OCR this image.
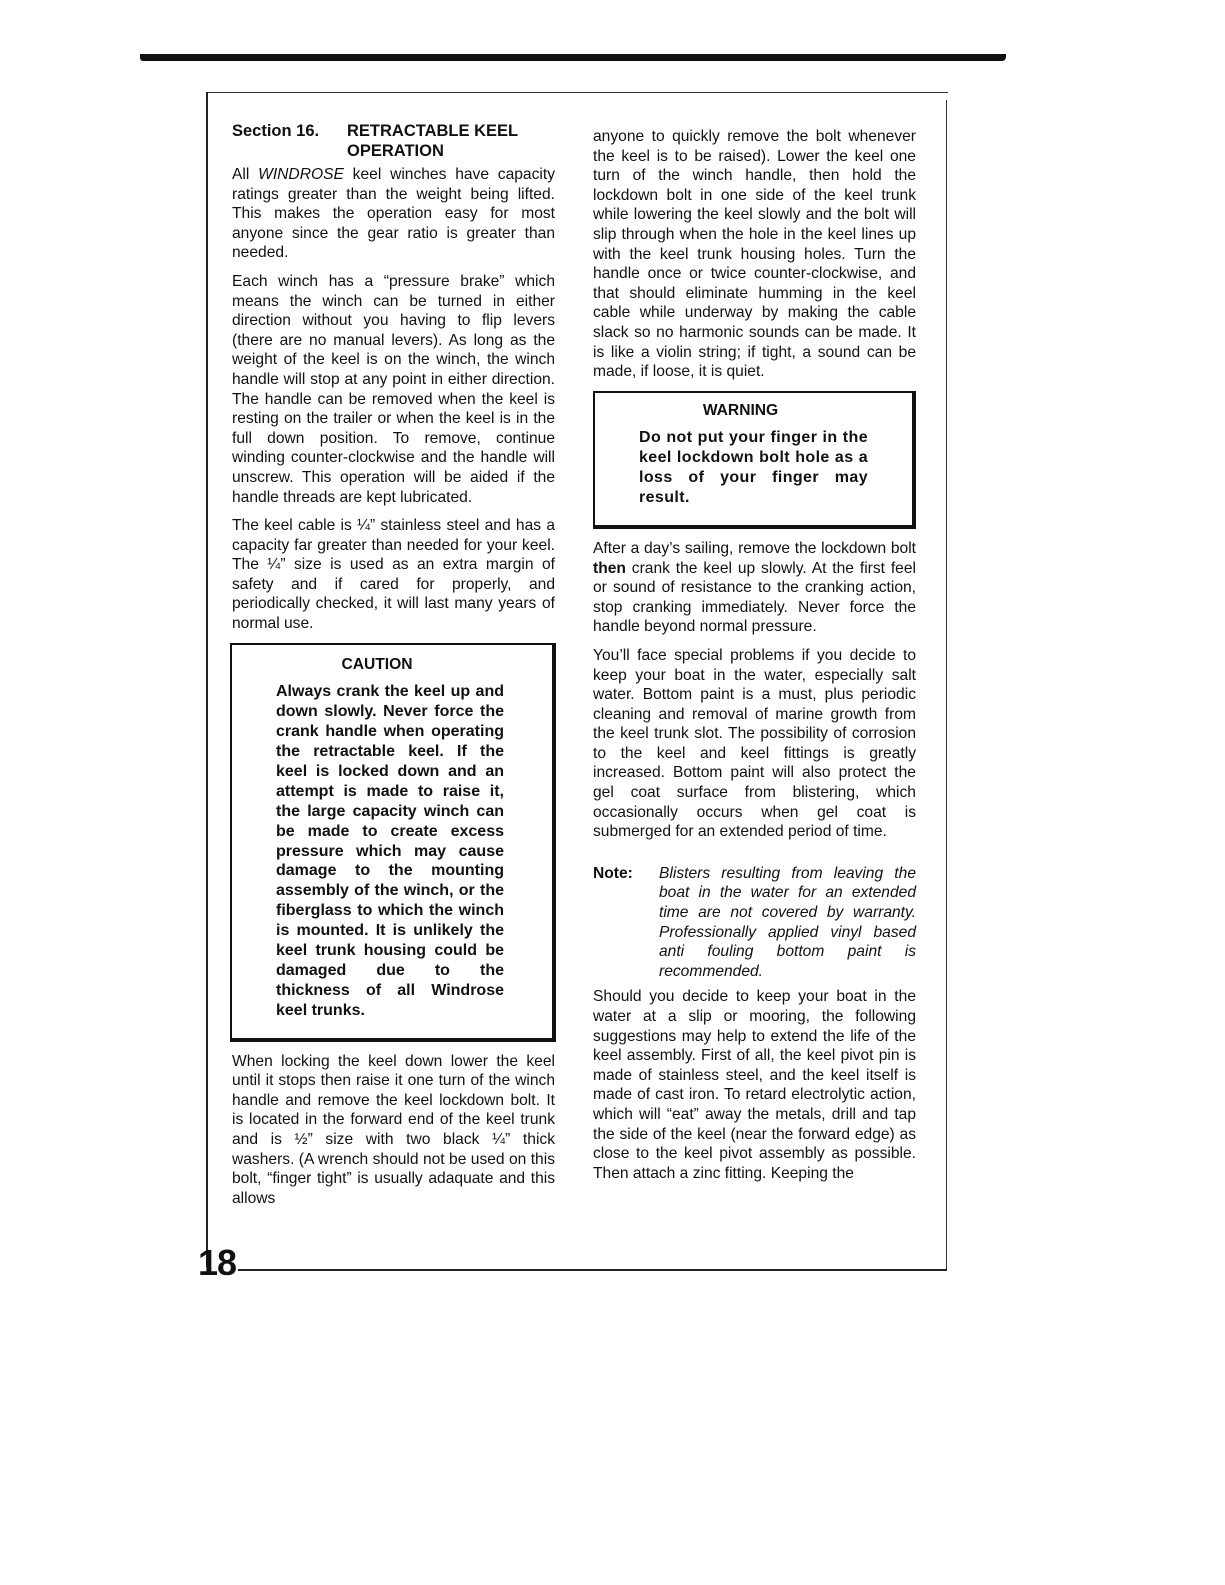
Section 16.	RETRACTABLE KEEL
OPERATION

All WINDROSE keel winches have capacity ratings greater than the weight being lifted. This makes the operation easy for most anyone since the gear ratio is greater than needed.

Each winch has a “pressure brake” which means the winch can be turned in either direction without you having to flip levers (there are no manual levers). As long as the weight of the keel is on the winch, the winch handle will stop at any point in either direction. The handle can be removed when the keel is resting on the trailer or when the keel is in the full down position. To remove, continue winding counter-clockwise and the handle will unscrew. This operation will be aided if the handle threads are kept lubricated.

The keel cable is ¼” stainless steel and has a capacity far greater than needed for your keel. The ¼” size is used as an extra margin of safety and if cared for properly, and periodically checked, it will last many years of normal use.

CAUTION

Always crank the keel up and down slowly. Never force the crank handle when operating the retractable keel. If the keel is locked down and an attempt is made to raise it, the large capacity winch can be made to create excess pressure which may cause damage to the mounting assembly of the winch, or the fiberglass to which the winch is mounted. It is unlikely the keel trunk housing could be damaged due to the thickness of all Windrose keel trunks.

When locking the keel down lower the keel until it stops then raise it one turn of the winch handle and remove the keel lockdown bolt. It is located in the forward end of the keel trunk and is ½” size with two black ¼” thick washers. (A wrench should not be used on this bolt, “finger tight” is usually adaquate and this allows

anyone to quickly remove the bolt whenever the keel is to be raised). Lower the keel one turn of the winch handle, then hold the lockdown bolt in one side of the keel trunk while lowering the keel slowly and the bolt will slip through when the hole in the keel lines up with the keel trunk housing holes. Turn the handle once or twice counter-clockwise, and that should eliminate humming in the keel cable while underway by making the cable slack so no harmonic sounds can be made. It is like a violin string; if tight, a sound can be made, if loose, it is quiet.

WARNING

Do not put your finger in the keel lockdown bolt hole as a loss of your finger may result.

After a day’s sailing, remove the lockdown bolt then crank the keel up slowly. At the first feel or sound of resistance to the cranking action, stop cranking immediately. Never force the handle beyond normal pressure.

You’ll face special problems if you decide to keep your boat in the water, especially salt water. Bottom paint is a must, plus periodic cleaning and removal of marine growth from the keel trunk slot. The possibility of corrosion to the keel and keel fittings is greatly increased. Bottom paint will also protect the gel coat surface from blistering, which occasionally occurs when gel coat is submerged for an extended period of time.

Note:	Blisters resulting from leaving the boat in the water for an extended time are not covered by warranty. Professionally applied vinyl based anti fouling bottom paint is recommended.

Should you decide to keep your boat in the water at a slip or mooring, the following suggestions may help to extend the life of the keel assembly. First of all, the keel pivot pin is made of stainless steel, and the keel itself is made of cast iron. To retard electrolytic action, which will “eat” away the metals, drill and tap the side of the keel (near the forward edge) as close to the keel pivot assembly as possible. Then attach a zinc fitting. Keeping the

18
